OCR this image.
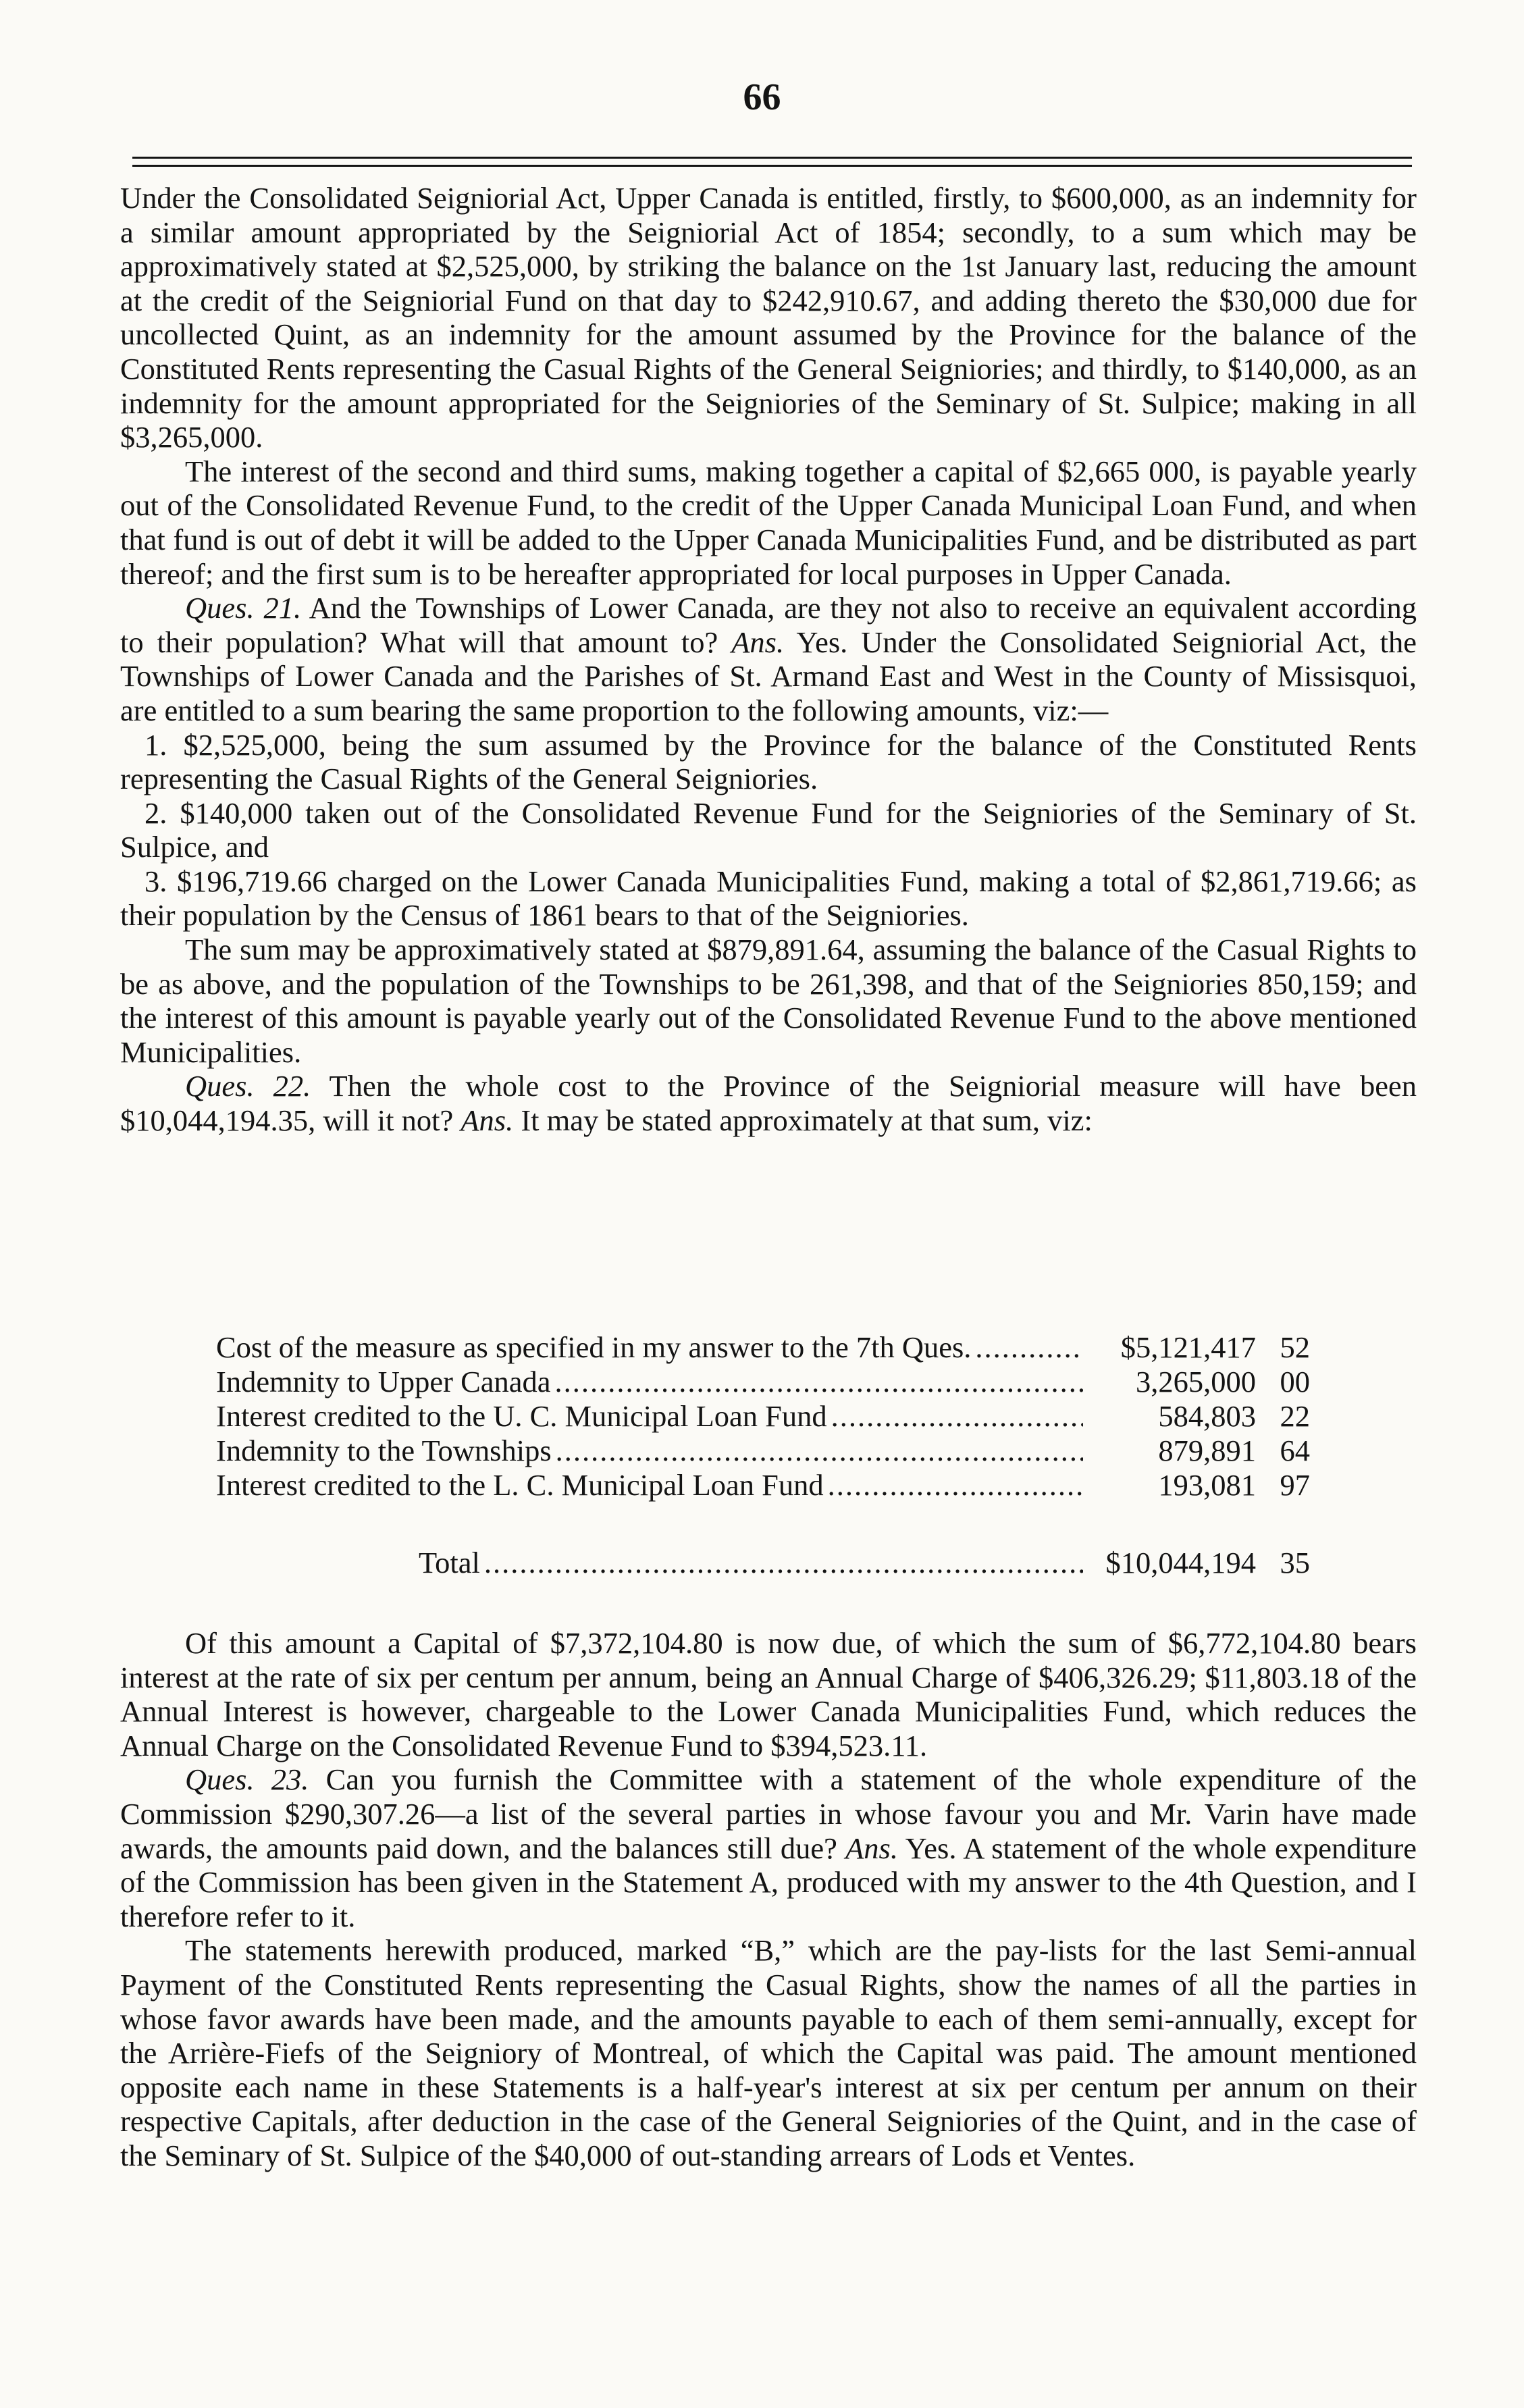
66

Under the Consolidated Seigniorial Act, Upper Canada is entitled, firstly, to $600,000, as an indemnity for a similar amount appropriated by the Seigniorial Act of 1854; secondly, to a sum which may be approximatively stated at $2,525,000, by striking the balance on the 1st January last, reducing the amount at the credit of the Seigniorial Fund on that day to $242,910.67, and adding thereto the $30,000 due for uncollected Quint, as an indemnity for the amount assumed by the Province for the balance of the Constituted Rents representing the Casual Rights of the General Seigniories; and thirdly, to $140,000, as an indemnity for the amount appropriated for the Seigniories of the Seminary of St. Sulpice; making in all $3,265,000.

The interest of the second and third sums, making together a capital of $2,665 000, is payable yearly out of the Consolidated Revenue Fund, to the credit of the Upper Canada Municipal Loan Fund, and when that fund is out of debt it will be added to the Upper Canada Municipalities Fund, and be distributed as part thereof; and the first sum is to be hereafter appropriated for local purposes in Upper Canada.

Ques. 21. And the Townships of Lower Canada, are they not also to receive an equivalent according to their population? What will that amount to? Ans. Yes. Under the Consolidated Seigniorial Act, the Townships of Lower Canada and the Parishes of St. Armand East and West in the County of Missisquoi, are entitled to a sum bearing the same proportion to the following amounts, viz:—

1. $2,525,000, being the sum assumed by the Province for the balance of the Constituted Rents representing the Casual Rights of the General Seigniories.

2. $140,000 taken out of the Consolidated Revenue Fund for the Seigniories of the Seminary of St. Sulpice, and

3. $196,719.66 charged on the Lower Canada Municipalities Fund, making a total of $2,861,719.66; as their population by the Census of 1861 bears to that of the Seigniories.

The sum may be approximatively stated at $879,891.64, assuming the balance of the Casual Rights to be as above, and the population of the Townships to be 261,398, and that of the Seigniories 850,159; and the interest of this amount is payable yearly out of the Consolidated Revenue Fund to the above mentioned Municipalities.

Ques. 22. Then the whole cost to the Province of the Seigniorial measure will have been $10,044,194.35, will it not? Ans. It may be stated approximately at that sum, viz:

Cost of the measure as specified in my answer to the 7th Ques. .....	$5,121,417 52
Indemnity to Upper Canada .....	3,265,000 00
Interest credited to the U. C. Municipal Loan Fund .....	584,803 22
Indemnity to the Townships .....	879,891 64
Interest credited to the L. C. Municipal Loan Fund .....	193,081 97
Total .....	$10,044,194 35

Of this amount a Capital of $7,372,104.80 is now due, of which the sum of $6,772,104.80 bears interest at the rate of six per centum per annum, being an Annual Charge of $406,326.29; $11,803.18 of the Annual Interest is however, chargeable to the Lower Canada Municipalities Fund, which reduces the Annual Charge on the Consolidated Revenue Fund to $394,523.11.

Ques. 23. Can you furnish the Committee with a statement of the whole expenditure of the Commission $290,307.26—a list of the several parties in whose favour you and Mr. Varin have made awards, the amounts paid down, and the balances still due? Ans. Yes. A statement of the whole expenditure of the Commission has been given in the Statement A, produced with my answer to the 4th Question, and I therefore refer to it.

The statements herewith produced, marked “B,” which are the pay-lists for the last Semi-annual Payment of the Constituted Rents representing the Casual Rights, show the names of all the parties in whose favor awards have been made, and the amounts payable to each of them semi-annually, except for the Arrière-Fiefs of the Seigniory of Montreal, of which the Capital was paid. The amount mentioned opposite each name in these Statements is a half-year's interest at six per centum per annum on their respective Capitals, after deduction in the case of the General Seigniories of the Quint, and in the case of the Seminary of St. Sulpice of the $40,000 of out-standing arrears of Lods et Ventes.
